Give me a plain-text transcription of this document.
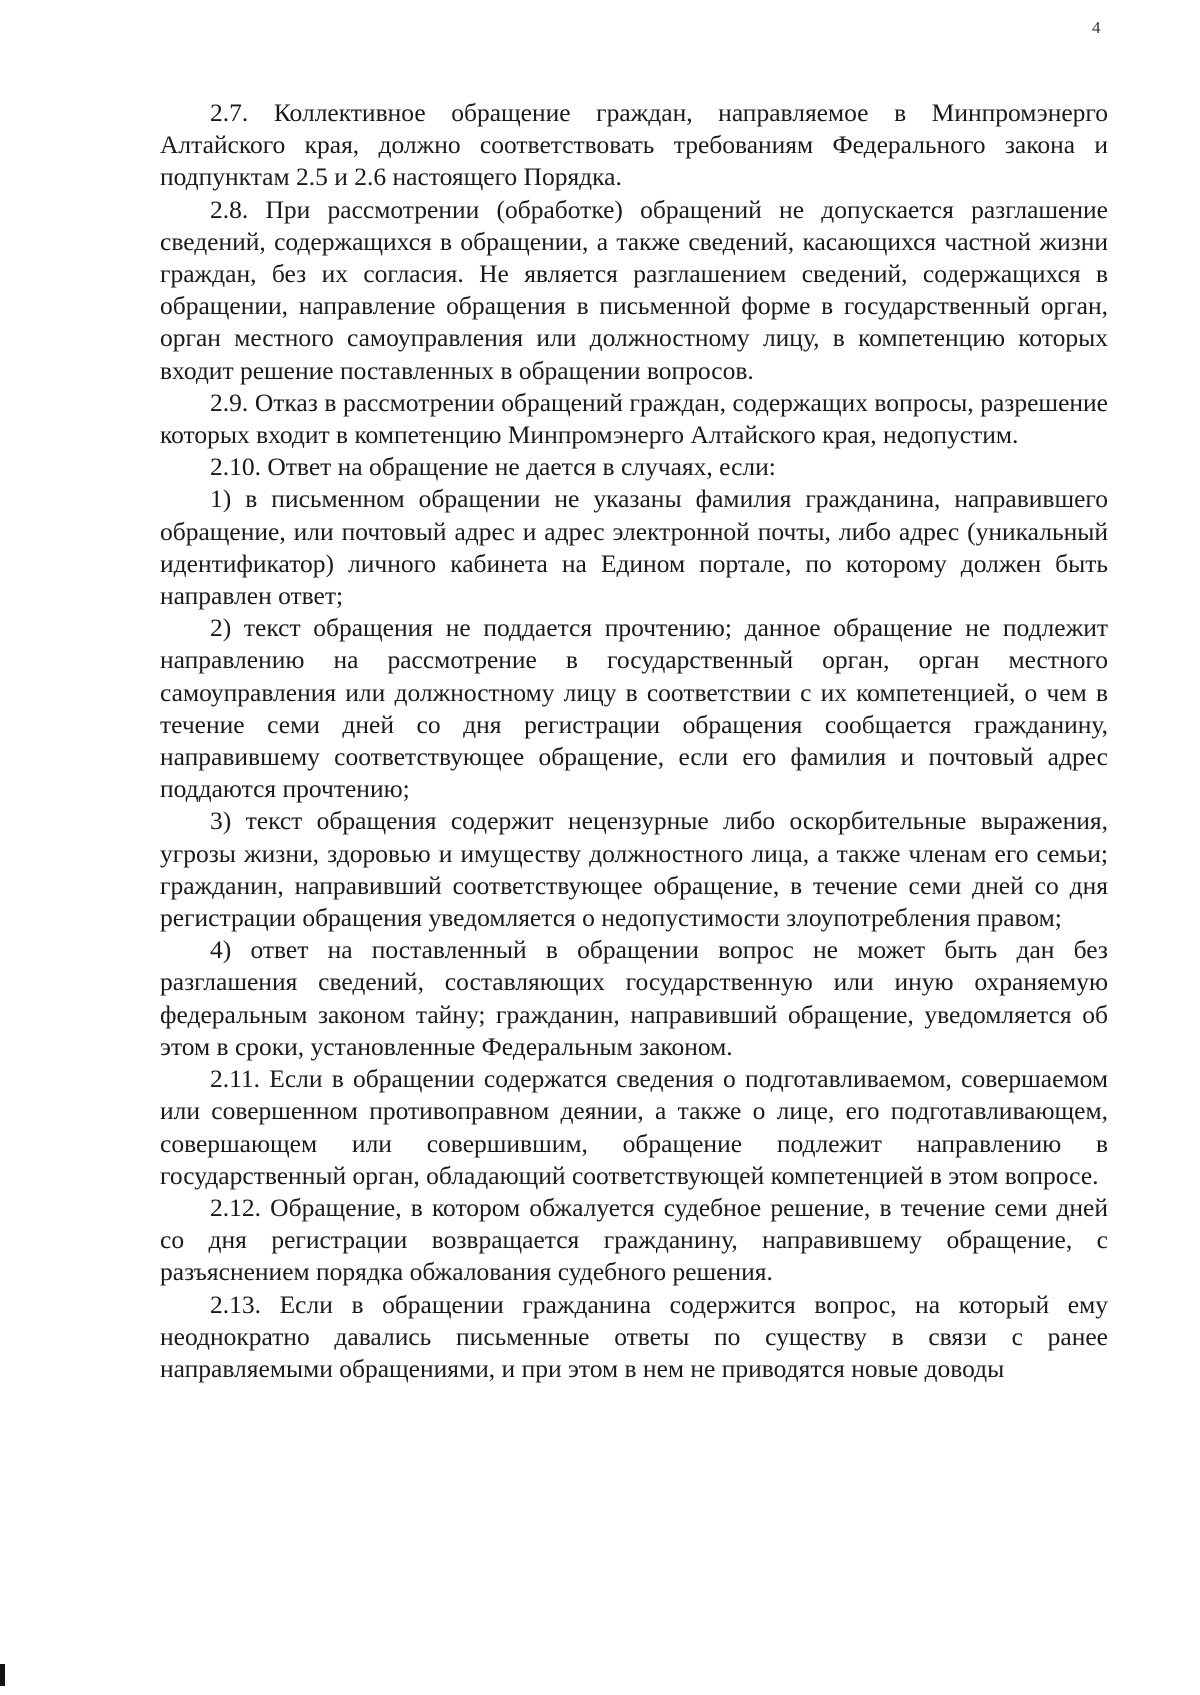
4

2.7. Коллективное обращение граждан, направляемое в Минпромэнерго Алтайского края, должно соответствовать требованиям Федерального закона и подпунктам 2.5 и 2.6 настоящего Порядка.

2.8. При рассмотрении (обработке) обращений не допускается разглашение сведений, содержащихся в обращении, а также сведений, касающихся частной жизни граждан, без их согласия. Не является разглашением сведений, содержащихся в обращении, направление обращения в письменной форме в государственный орган, орган местного самоуправления или должностному лицу, в компетенцию которых входит решение поставленных в обращении вопросов.

2.9. Отказ в рассмотрении обращений граждан, содержащих вопросы, разрешение которых входит в компетенцию Минпромэнерго Алтайского края, недопустим.

2.10. Ответ на обращение не дается в случаях, если:

1) в письменном обращении не указаны фамилия гражданина, направившего обращение, или почтовый адрес и адрес электронной почты, либо адрес (уникальный идентификатор) личного кабинета на Едином портале, по которому должен быть направлен ответ;

2) текст обращения не поддается прочтению; данное обращение не подлежит направлению на рассмотрение в государственный орган, орган местного самоуправления или должностному лицу в соответствии с их компетенцией, о чем в течение семи дней со дня регистрации обращения сообщается гражданину, направившему соответствующее обращение, если его фамилия и почтовый адрес поддаются прочтению;

3) текст обращения содержит нецензурные либо оскорбительные выражения, угрозы жизни, здоровью и имуществу должностного лица, а также членам его семьи; гражданин, направивший соответствующее обращение, в течение семи дней со дня регистрации обращения уведомляется о недопустимости злоупотребления правом;

4) ответ на поставленный в обращении вопрос не может быть дан без разглашения сведений, составляющих государственную или иную охраняемую федеральным законом тайну; гражданин, направивший обращение, уведомляется об этом в сроки, установленные Федеральным законом.

2.11. Если в обращении содержатся сведения о подготавливаемом, совершаемом или совершенном противоправном деянии, а также о лице, его подготавливающем, совершающем или совершившим, обращение подлежит направлению в государственный орган, обладающий соответствующей компетенцией в этом вопросе.

2.12. Обращение, в котором обжалуется судебное решение, в течение семи дней со дня регистрации возвращается гражданину, направившему обращение, с разъяснением порядка обжалования судебного решения.

2.13. Если в обращении гражданина содержится вопрос, на который ему неоднократно давались письменные ответы по существу в связи с ранее направляемыми обращениями, и при этом в нем не приводятся новые доводы
